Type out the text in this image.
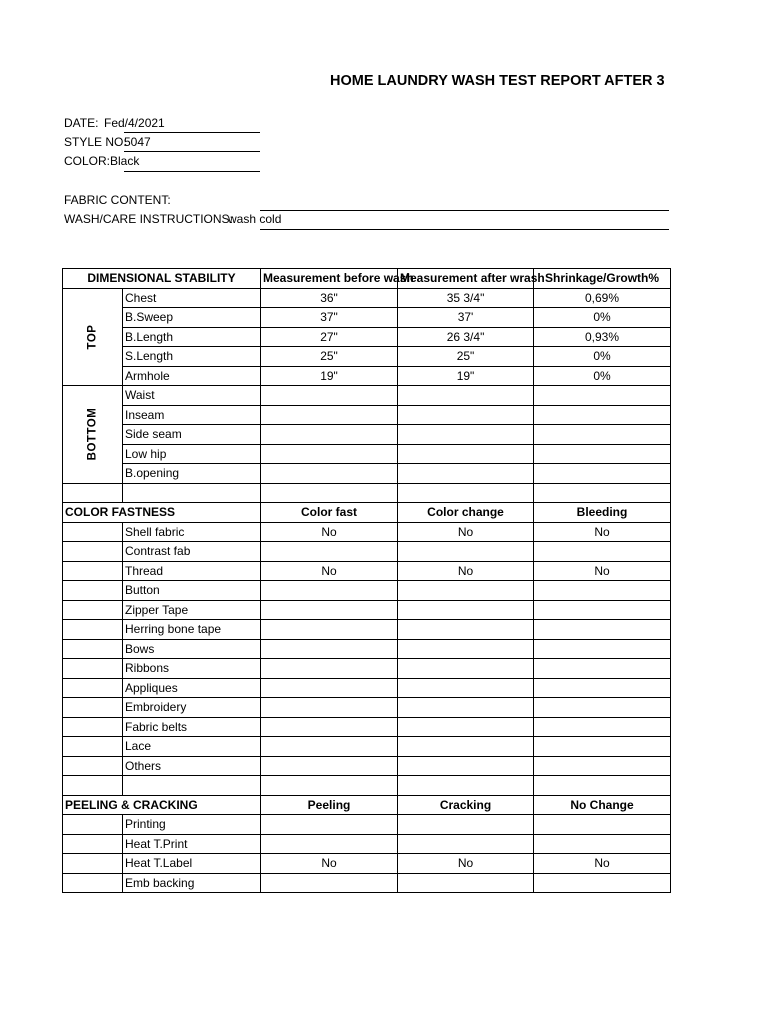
HOME LAUNDRY WASH TEST REPORT AFTER 3
DATE: Fed/4/2021
STYLE NO:
5047
COLOR: Black
FABRIC CONTENT:
WASH/CARE INSTRUCTIONS:
wash cold
DIMENSIONAL STABILITY		Measurement before wash	Measurement after wrash	Shrinkage/Growth%
TOP	Chest	36"	35 3/4"	0,69%
	B.Sweep	37"	37'	0%
	B.Length	27"	26 3/4"	0,93%
	S.Length	25"	25"	0%
	Armhole	19"	19"	0%
BOTTOM	Waist			
	Inseam			
	Side seam			
	Low hip			
	B.opening			

COLOR FASTNESS		Color fast	Color change	Bleeding
	Shell fabric	No	No	No
	Contrast fab			
	Thread	No	No	No
	Button			
	Zipper Tape			
	Herring bone tape			
	Bows			
	Ribbons			
	Appliques			
	Embroidery			
	Fabric belts			
	Lace			
	Others			

PEELING & CRACKING		Peeling	Cracking	No Change
	Printing			
	Heat T.Print			
	Heat T.Label	No	No	No
	Emb backing			
